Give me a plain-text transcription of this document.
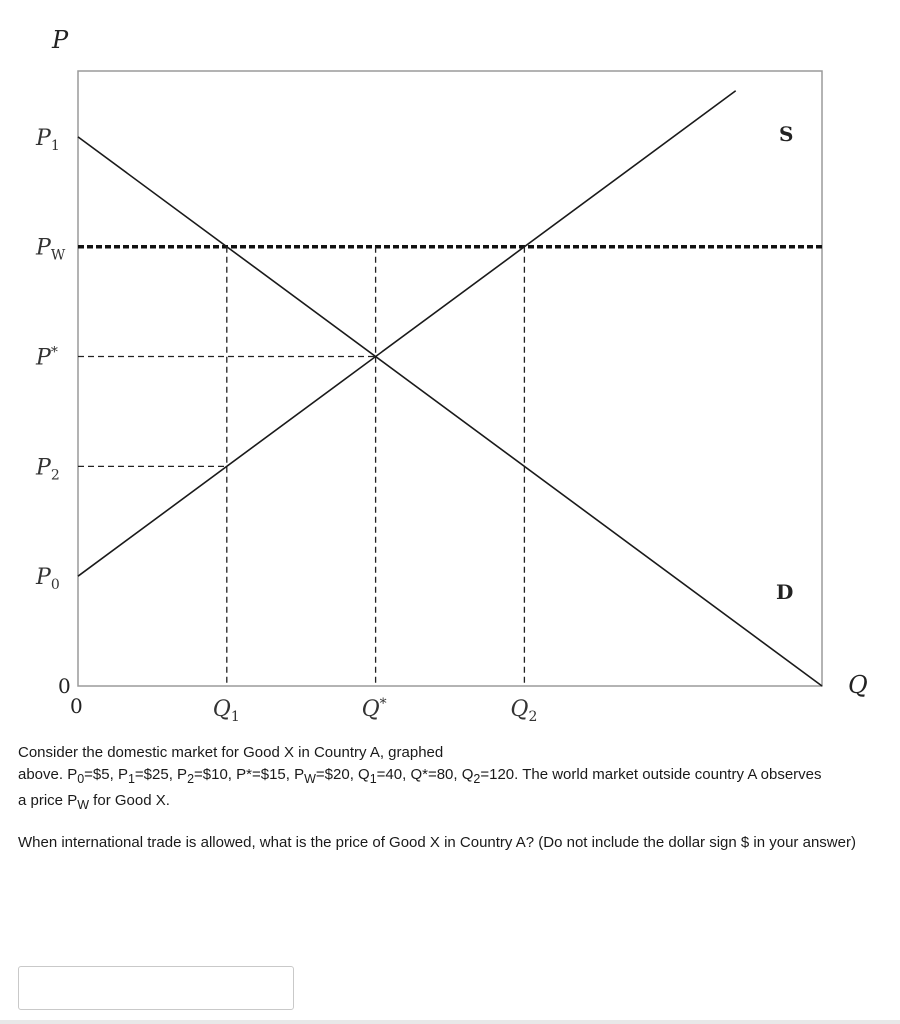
P
Q
0
0
$P_1$
$P_W$
P*
$P_2$
$P_0$
$Q_1$	Q*	$Q_2$
S
D

Consider the domestic market for Good X in Country A, graphed
above. $P_0=\$5$, $P_1=\$25$, $P_2=\$10$, P*=$15, $P_W=\$20$, $Q_1=40$, Q*=80, $Q_2=120$. The world market outside country A observes
a price $P_W$ for Good X.

When international trade is allowed, what is the price of Good X in Country A? (Do not include the dollar sign $ in your answer)
